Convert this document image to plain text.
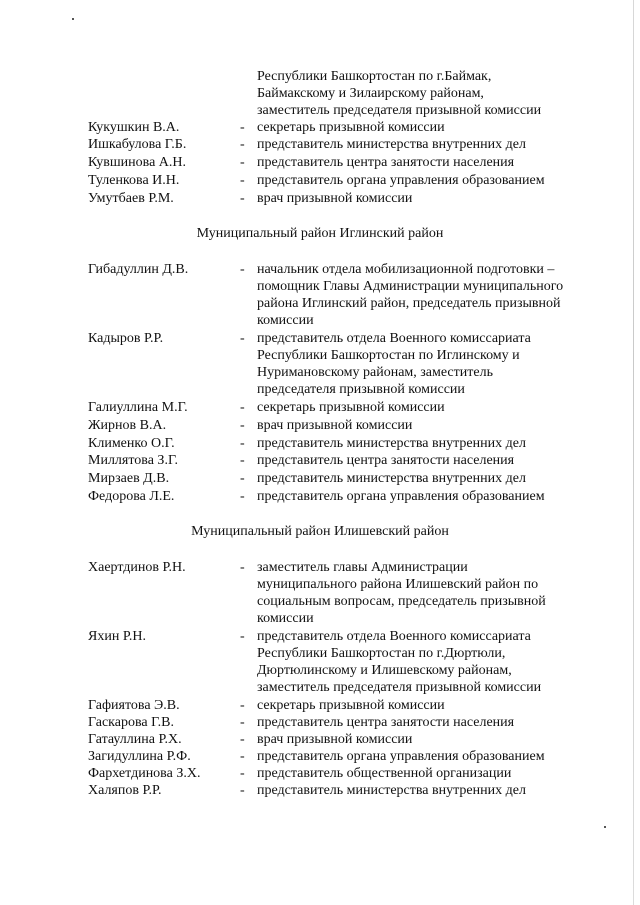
Республики Башкортостан по г.Баймак,
Баймакскому и Зилаирскому районам,
заместитель председателя призывной комиссии
Кукушкин В.А.	- секретарь призывной комиссии
Ишкабулова Г.Б.	- представитель министерства внутренних дел
Кувшинова А.Н.	- представитель центра занятости населения
Туленкова И.Н.	- представитель органа управления образованием
Умутбаев Р.М.	- врач призывной комиссии
Муниципальный район Иглинский район
Гибадуллин Д.В.	- начальник отдела мобилизационной подготовки –
помощник Главы Администрации муниципального
района Иглинский район, председатель призывной
комиссии
Кадыров Р.Р.	- представитель отдела Военного комиссариата
Республики Башкортостан по Иглинскому и
Нуримановскому районам, заместитель
председателя призывной комиссии
Галиуллина М.Г.	- секретарь призывной комиссии
Жирнов В.А.	- врач призывной комиссии
Клименко О.Г.	- представитель министерства внутренних дел
Миллятова З.Г.	- представитель центра занятости населения
Мирзаев Д.В.	- представитель министерства внутренних дел
Федорова Л.Е.	- представитель органа управления образованием
Муниципальный район Илишевский район
Хаертдинов Р.Н.	- заместитель главы Администрации
муниципального района Илишевский район по
социальным вопросам, председатель призывной
комиссии
Яхин Р.Н.	- представитель отдела Военного комиссариата
Республики Башкортостан по г.Дюртюли,
Дюртюлинскому и Илишевскому районам,
заместитель председателя призывной комиссии
Гафиятова Э.В.	- секретарь призывной комиссии
Гаскарова Г.В.	- представитель центра занятости населения
Гатауллина Р.Х.	- врач призывной комиссии
Загидуллина Р.Ф.	- представитель органа управления образованием
Фархетдинова З.Х.	- представитель общественной организации
Халяпов Р.Р.	- представитель министерства внутренних дел
